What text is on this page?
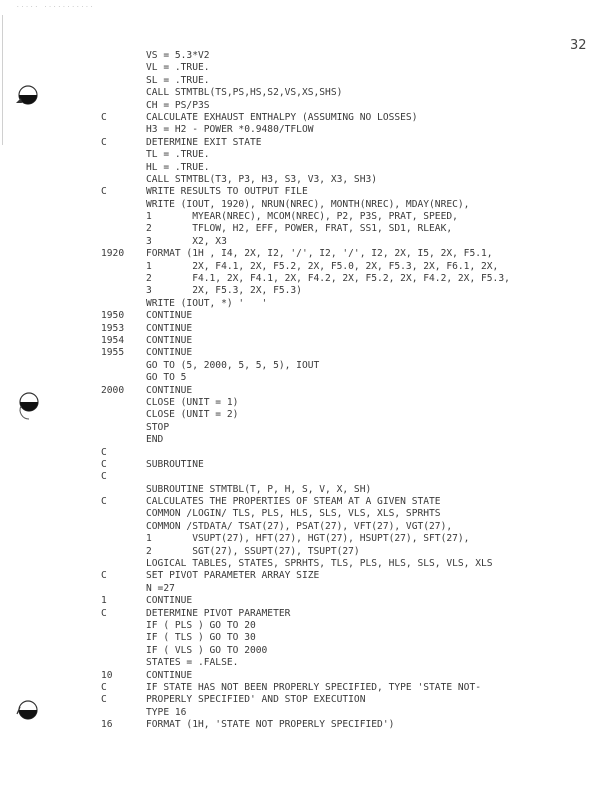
..... ...........
32
VS = 5.3*V2
VL = .TRUE.
SL = .TRUE.
CALL STMTBL(TS,PS,HS,S2,VS,XS,SHS)
CH = PS/P3S
C	CALCULATE EXHAUST ENTHALPY (ASSUMING NO LOSSES)
H3 = H2 - POWER *0.9480/TFLOW
C	DETERMINE EXIT STATE
TL = .TRUE.
HL = .TRUE.
CALL STMTBL(T3, P3, H3, S3, V3, X3, SH3)
C	WRITE RESULTS TO OUTPUT FILE
WRITE (IOUT, 1920), NRUN(NREC), MONTH(NREC), MDAY(NREC),
1       MYEAR(NREC), MCOM(NREC), P2, P3S, PRAT, SPEED,
2       TFLOW, H2, EFF, POWER, FRAT, SS1, SD1, RLEAK,
3       X2, X3
1920 FORMAT (1H , I4, 2X, I2, '/', I2, '/', I2, 2X, I5, 2X, F5.1,
1       2X, F4.1, 2X, F5.2, 2X, F5.0, 2X, F5.3, 2X, F6.1, 2X,
2       F4.1, 2X, F4.1, 2X, F4.2, 2X, F5.2, 2X, F4.2, 2X, F5.3,
3       2X, F5.3, 2X, F5.3)
WRITE (IOUT, *) '   '
1950 CONTINUE
1953 CONTINUE
1954 CONTINUE
1955 CONTINUE
GO TO (5, 2000, 5, 5, 5), IOUT
GO TO 5
2000 CONTINUE
CLOSE (UNIT = 1)
CLOSE (UNIT = 2)
STOP
END
C
C	SUBROUTINE
C
SUBROUTINE STMTBL(T, P, H, S, V, X, SH)
C	CALCULATES THE PROPERTIES OF STEAM AT A GIVEN STATE
COMMON /LOGIN/ TLS, PLS, HLS, SLS, VLS, XLS, SPRHTS
COMMON /STDATA/ TSAT(27), PSAT(27), VFT(27), VGT(27),
1       VSUPT(27), HFT(27), HGT(27), HSUPT(27), SFT(27),
2       SGT(27), SSUPT(27), TSUPT(27)
LOGICAL TABLES, STATES, SPRHTS, TLS, PLS, HLS, SLS, VLS, XLS
C	SET PIVOT PARAMETER ARRAY SIZE
N =27
1	CONTINUE
C	DETERMINE PIVOT PARAMETER
IF ( PLS ) GO TO 20
IF ( TLS ) GO TO 30
IF ( VLS ) GO TO 2000
STATES = .FALSE.
10	CONTINUE
C	IF STATE HAS NOT BEEN PROPERLY SPECIFIED, TYPE 'STATE NOT-
C	PROPERLY SPECIFIED' AND STOP EXECUTION
TYPE 16
16	FORMAT (1H, 'STATE NOT PROPERLY SPECIFIED')
